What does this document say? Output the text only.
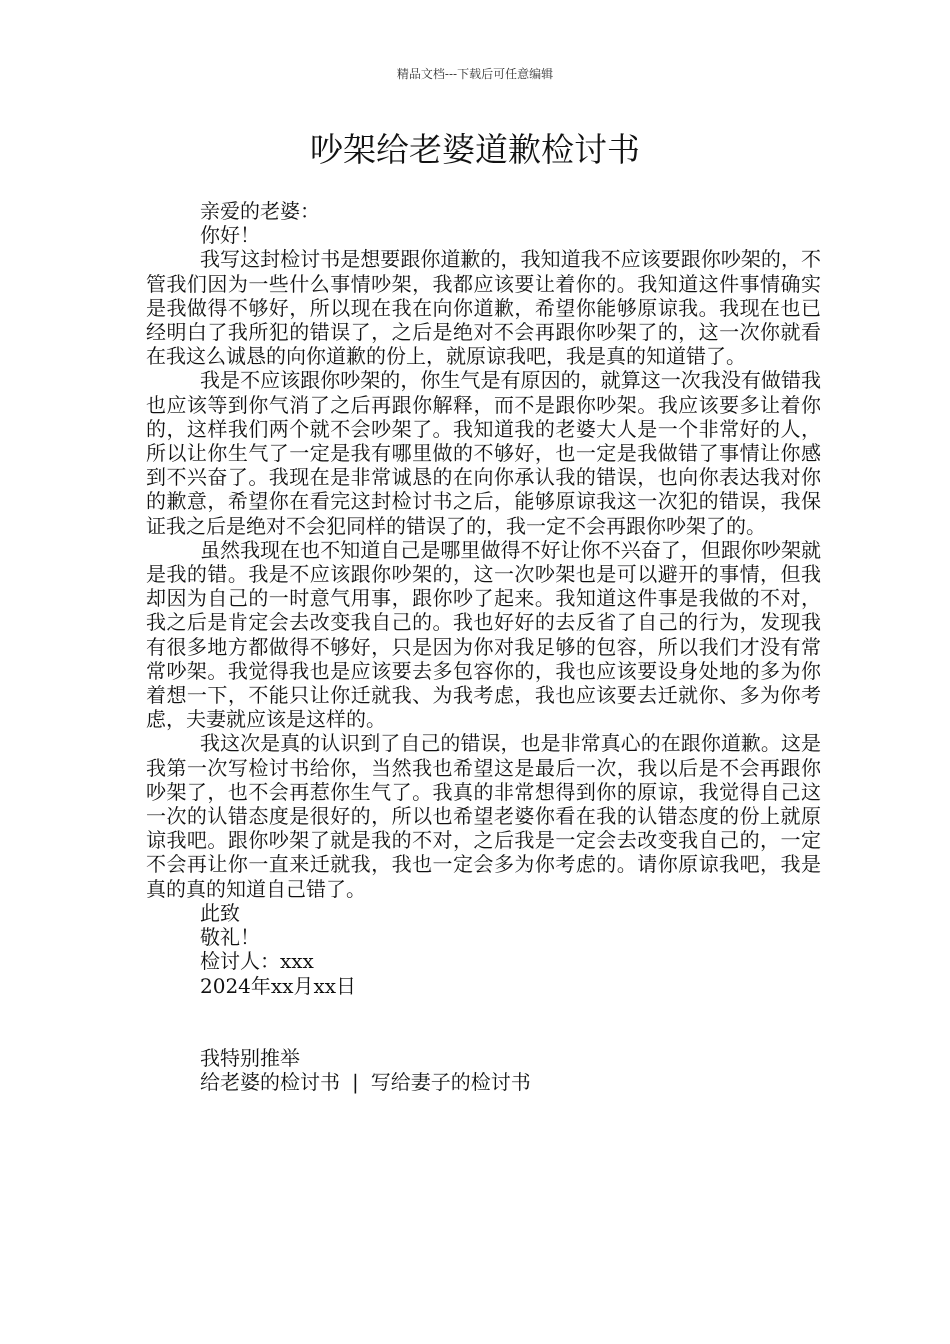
精品文档---下载后可任意编辑
吵架给老婆道歉检讨书

亲爱的老婆：

你好！

我写这封检讨书是想要跟你道歉的，我知道我不应该要跟你吵架的，不管我们因为一些什么事情吵架，我都应该要让着你的。我知道这件事情确实是我做得不够好，所以现在我在向你道歉，希望你能够原谅我。我现在也已经明白了我所犯的错误了，之后是绝对不会再跟你吵架了的，这一次你就看在我这么诚恳的向你道歉的份上，就原谅我吧，我是真的知道错了。

我是不应该跟你吵架的，你生气是有原因的，就算这一次我没有做错我也应该等到你气消了之后再跟你解释，而不是跟你吵架。我应该要多让着你的，这样我们两个就不会吵架了。我知道我的老婆大人是一个非常好的人，所以让你生气了一定是我有哪里做的不够好，也一定是我做错了事情让你感到不兴奋了。我现在是非常诚恳的在向你承认我的错误，也向你表达我对你的歉意，希望你在看完这封检讨书之后，能够原谅我这一次犯的错误，我保证我之后是绝对不会犯同样的错误了的，我一定不会再跟你吵架了的。

虽然我现在也不知道自己是哪里做得不好让你不兴奋了，但跟你吵架就是我的错。我是不应该跟你吵架的，这一次吵架也是可以避开的事情，但我却因为自己的一时意气用事，跟你吵了起来。我知道这件事是我做的不对，我之后是肯定会去改变我自己的。我也好好的去反省了自己的行为，发现我有很多地方都做得不够好，只是因为你对我足够的包容，所以我们才没有常常吵架。我觉得我也是应该要去多包容你的，我也应该要设身处地的多为你着想一下，不能只让你迁就我、为我考虑，我也应该要去迁就你、多为你考虑，夫妻就应该是这样的。

我这次是真的认识到了自己的错误，也是非常真心的在跟你道歉。这是我第一次写检讨书给你，当然我也希望这是最后一次，我以后是不会再跟你吵架了，也不会再惹你生气了。我真的非常想得到你的原谅，我觉得自己这一次的认错态度是很好的，所以也希望老婆你看在我的认错态度的份上就原谅我吧。跟你吵架了就是我的不对，之后我是一定会去改变我自己的，一定不会再让你一直来迁就我，我也一定会多为你考虑的。请你原谅我吧，我是真的真的知道自己错了。

此致

敬礼！

检讨人：xxx

2024年xx月xx日

我特别推举

给老婆的检讨书 | 写给妻子的检讨书
